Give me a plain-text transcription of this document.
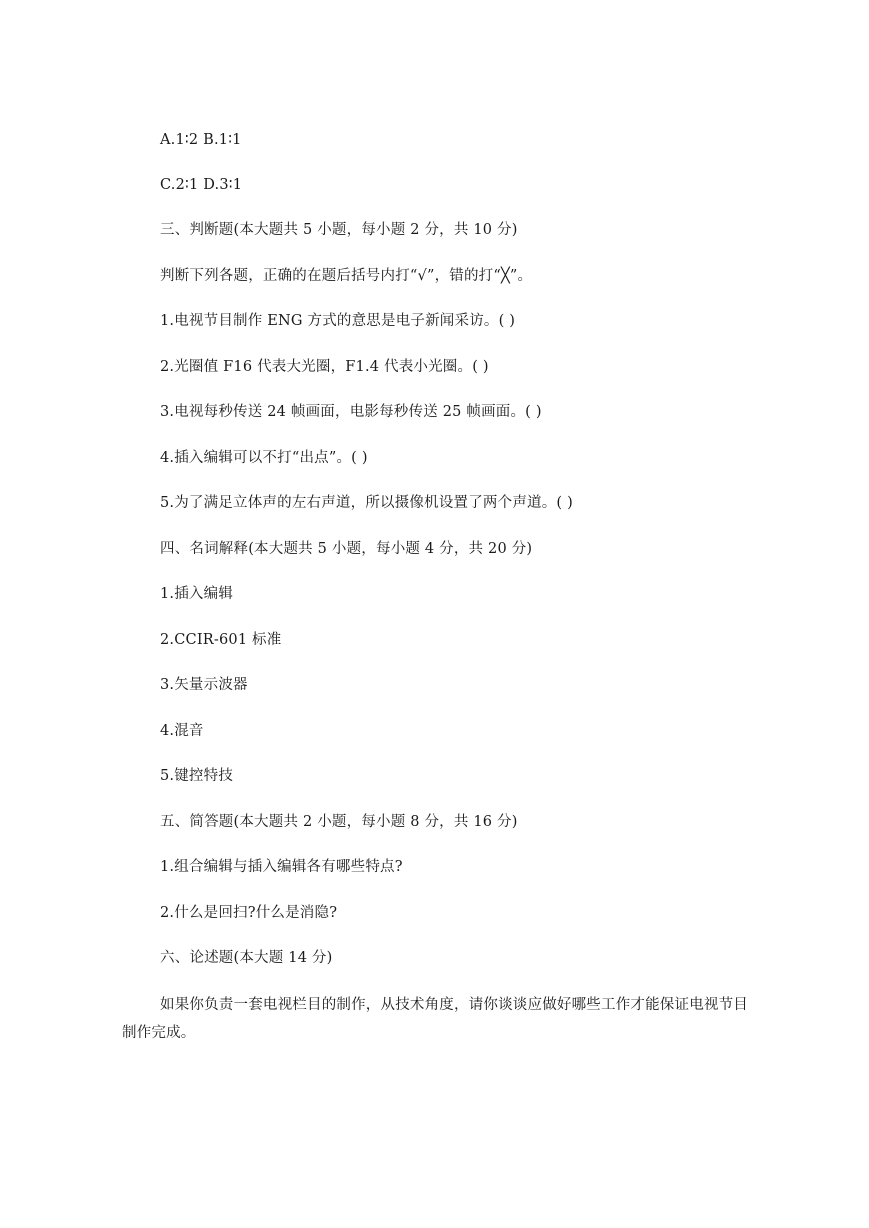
A.1∶2 B.1∶1
C.2∶1 D.3∶1
三、判断题(本大题共 5 小题，每小题 2 分，共 10 分)
判断下列各题，正确的在题后括号内打“√”，错的打“╳”。
1.电视节目制作 ENG 方式的意思是电子新闻采访。( )
2.光圈值 F16 代表大光圈，F1.4 代表小光圈。( )
3.电视每秒传送 24 帧画面，电影每秒传送 25 帧画面。( )
4.插入编辑可以不打“出点”。( )
5.为了满足立体声的左右声道，所以摄像机设置了两个声道。( )
四、名词解释(本大题共 5 小题，每小题 4 分，共 20 分)
1.插入编辑
2.CCIR-601 标准
3.矢量示波器
4.混音
5.键控特技
五、简答题(本大题共 2 小题，每小题 8 分，共 16 分)
1.组合编辑与插入编辑各有哪些特点?
2.什么是回扫?什么是消隐?
六、论述题(本大题 14 分)
如果你负责一套电视栏目的制作，从技术角度，请你谈谈应做好哪些工作才能保证电视节目制作完成。
